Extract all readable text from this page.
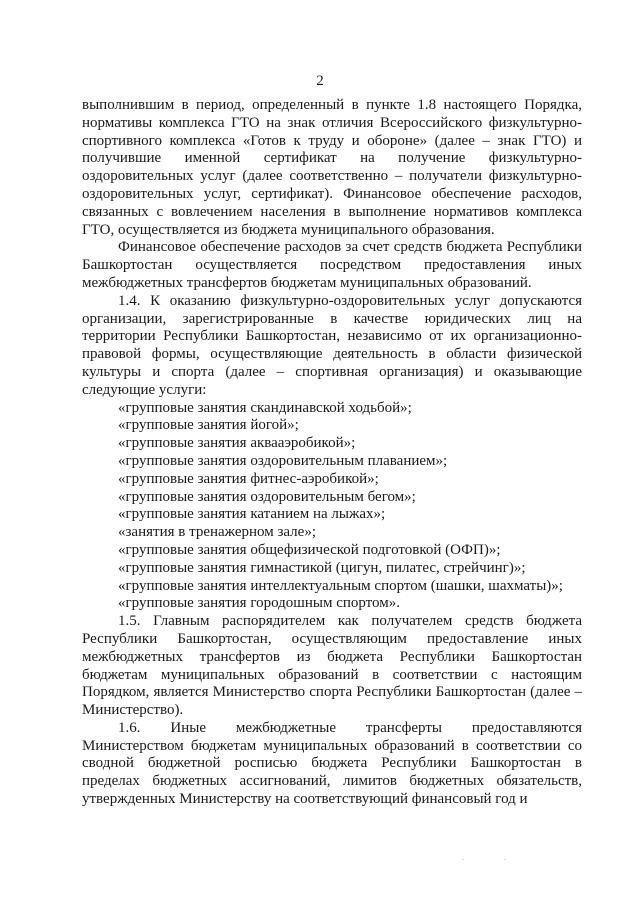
2

выполнившим в период, определенный в пункте 1.8 настоящего Порядка, нормативы комплекса ГТО на знак отличия Всероссийского физкультурно-спортивного комплекса «Готов к труду и обороне» (далее – знак ГТО) и получившие именной сертификат на получение физкультурно-оздоровительных услуг (далее соответственно – получатели физкультурно-оздоровительных услуг, сертификат). Финансовое обеспечение расходов, связанных с вовлечением населения в выполнение нормативов комплекса ГТО, осуществляется из бюджета муниципального образования.

Финансовое обеспечение расходов за счет средств бюджета Республики Башкортостан осуществляется посредством предоставления иных межбюджетных трансфертов бюджетам муниципальных образований.

1.4. К оказанию физкультурно-оздоровительных услуг допускаются организации, зарегистрированные в качестве юридических лиц на территории Республики Башкортостан, независимо от их организационно-правовой формы, осуществляющие деятельность в области физической культуры и спорта (далее – спортивная организация) и оказывающие следующие услуги:

«групповые занятия скандинавской ходьбой»;

«групповые занятия йогой»;

«групповые занятия аквааэробикой»;

«групповые занятия оздоровительным плаванием»;

«групповые занятия фитнес-аэробикой»;

«групповые занятия оздоровительным бегом»;

«групповые занятия катанием на лыжах»;

«занятия в тренажерном зале»;

«групповые занятия общефизической подготовкой (ОФП)»;

«групповые занятия гимнастикой (цигун, пилатес, стрейчинг)»;

«групповые занятия интеллектуальным спортом (шашки, шахматы)»;

«групповые занятия городошным спортом».

1.5. Главным распорядителем как получателем средств бюджета Республики Башкортостан, осуществляющим предоставление иных межбюджетных трансфертов из бюджета Республики Башкортостан бюджетам муниципальных образований в соответствии с настоящим Порядком, является Министерство спорта Республики Башкортостан (далее – Министерство).

1.6. Иные межбюджетные трансферты предоставляются Министерством бюджетам муниципальных образований в соответствии со сводной бюджетной росписью бюджета Республики Башкортостан в пределах бюджетных ассигнований, лимитов бюджетных обязательств, утвержденных Министерству на соответствующий финансовый год и

..
